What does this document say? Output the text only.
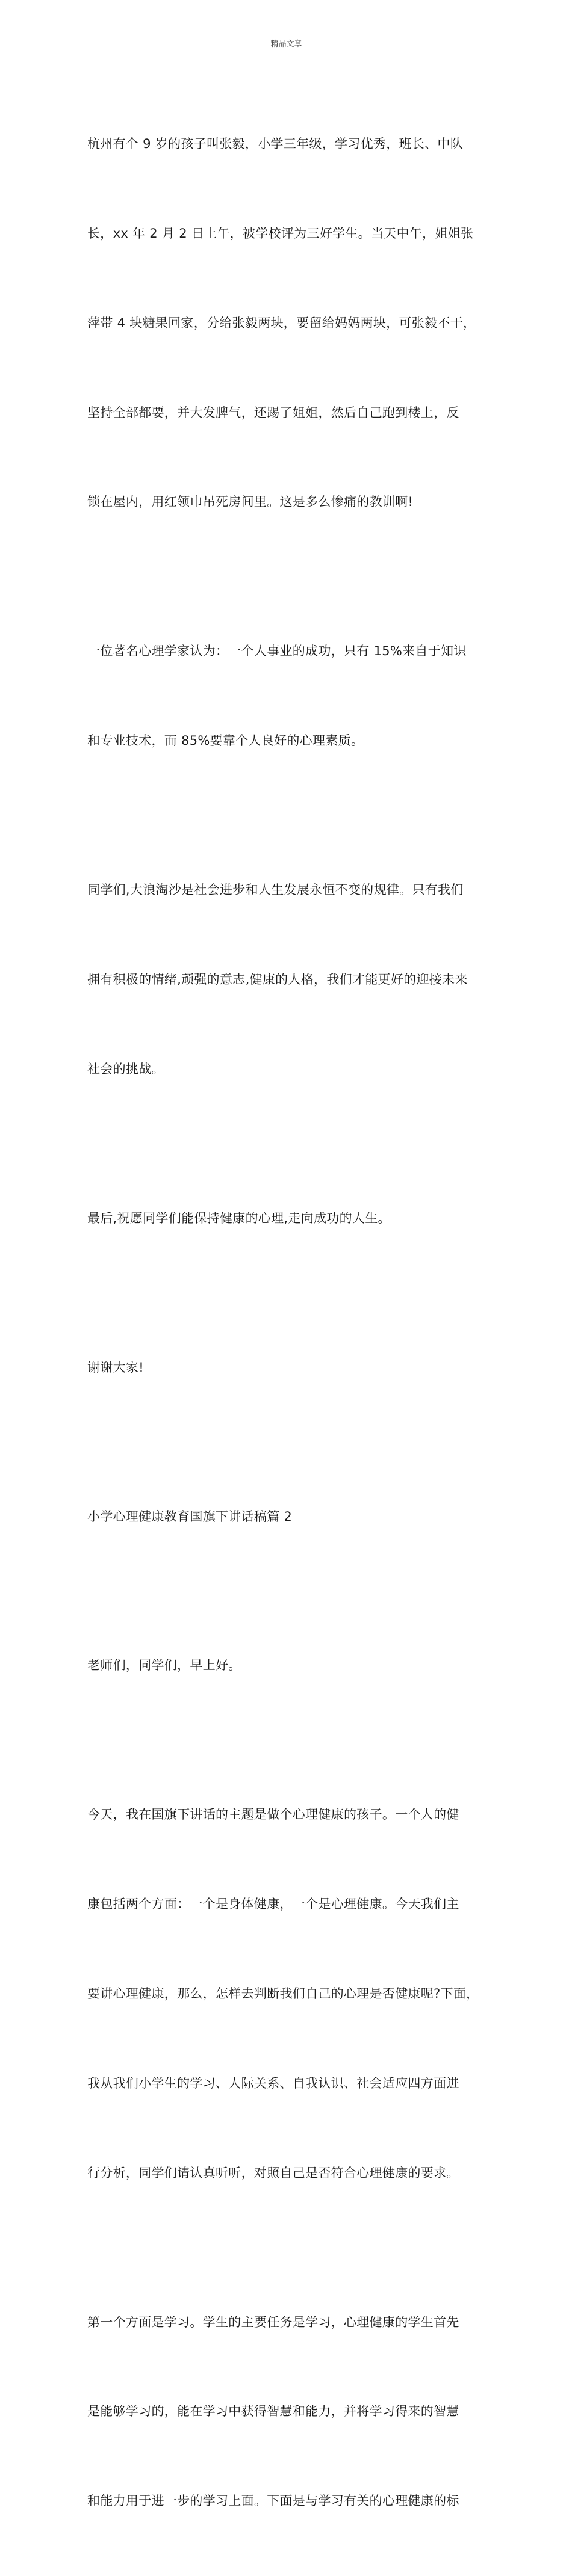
精品文章

杭州有个 9 岁的孩子叫张毅，小学三年级，学习优秀，班长、中队

长，xx 年 2 月 2 日上午，被学校评为三好学生。当天中午，姐姐张

萍带 4 块糖果回家，分给张毅两块，要留给妈妈两块，可张毅不干，

坚持全部都要，并大发脾气，还踢了姐姐，然后自己跑到楼上，反

锁在屋内，用红领巾吊死房间里。这是多么惨痛的教训啊!

一位著名心理学家认为：一个人事业的成功，只有 15%来自于知识

和专业技术，而 85%要靠个人良好的心理素质。

同学们,大浪淘沙是社会进步和人生发展永恒不变的规律。只有我们

拥有积极的情绪,顽强的意志,健康的人格，我们才能更好的迎接未来

社会的挑战。

最后,祝愿同学们能保持健康的心理,走向成功的人生。

谢谢大家!

小学心理健康教育国旗下讲话稿篇 2

老师们，同学们，早上好。

今天，我在国旗下讲话的主题是做个心理健康的孩子。一个人的健

康包括两个方面：一个是身体健康，一个是心理健康。今天我们主

要讲心理健康，那么，怎样去判断我们自己的心理是否健康呢?下面，

我从我们小学生的学习、人际关系、自我认识、社会适应四方面进

行分析，同学们请认真听听，对照自己是否符合心理健康的要求。

第一个方面是学习。学生的主要任务是学习，心理健康的学生首先

是能够学习的，能在学习中获得智慧和能力，并将学习得来的智慧

和能力用于进一步的学习上面。下面是与学习有关的心理健康的标
